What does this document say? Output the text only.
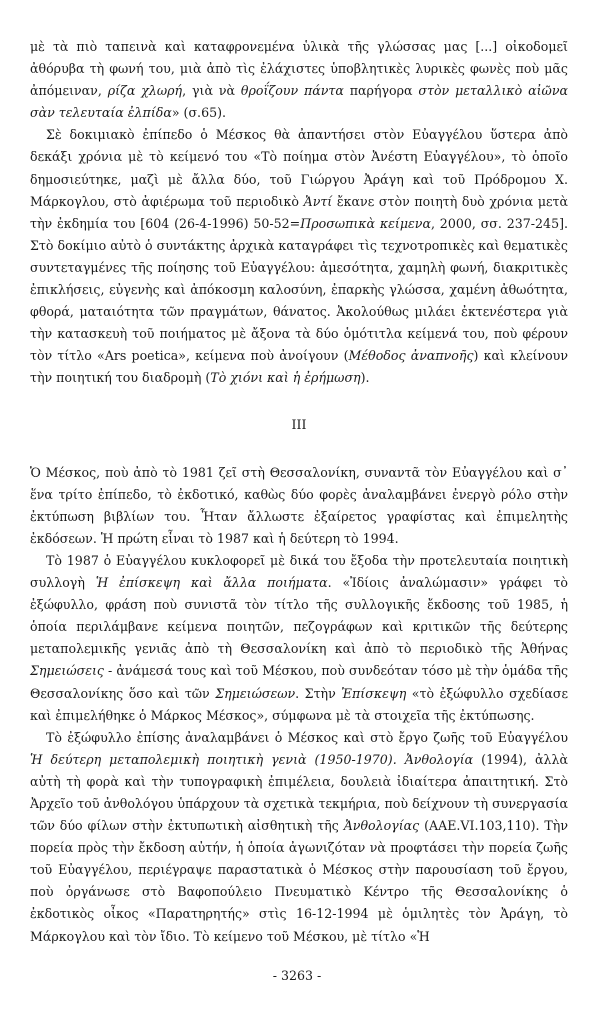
μὲ τὰ πιὸ ταπεινὰ καὶ καταφρονεμένα ὑλικὰ τῆς γλώσσας μας [...] οἰκοδομεῖ ἀθόρυβα τὴ φωνή του, μιὰ ἀπὸ τὶς ἐλάχιστες ὑποβλητικὲς λυρικὲς φωνὲς ποὺ μᾶς ἀπόμειναν, ρίζα χλωρή, γιὰ νὰ θροΐζουν πάντα παρήγορα στὸν μεταλλικὸ αἰῶνα σὰν τελευταία ἐλπίδα» (σ.65).

Σὲ δοκιμιακὸ ἐπίπεδο ὁ Μέσκος θὰ ἀπαντήσει στὸν Εὐαγγέλου ὕστερα ἀπὸ δεκάξι χρόνια μὲ τὸ κείμενό του «Τὸ ποίημα στὸν Ἀνέστη Εὐαγγέλου», τὸ ὁποῖο δημοσιεύτηκε, μαζὶ μὲ ἄλλα δύο, τοῦ Γιώργου Ἀράγη καὶ τοῦ Πρόδρομου Χ. Μάρκογλου, στὸ ἀφιέρωμα τοῦ περιοδικὸ Ἀντί ἔκανε στὸν ποιητὴ δυὸ χρόνια μετὰ τὴν ἐκδημία του [604 (26-4-1996) 50-52=Προσωπικὰ κείμενα, 2000, σσ. 237-245]. Στὸ δοκίμιο αὐτὸ ὁ συντάκτης ἀρχικὰ καταγράφει τὶς τεχνοτροπικὲς καὶ θεματικὲς συντεταγμένες τῆς ποίησης τοῦ Εὐαγγέλου: ἀμεσότητα, χαμηλὴ φωνή, διακριτικὲς ἐπικλήσεις, εὐγενὴς καὶ ἀπόκοσμη καλοσύνη, ἐπαρκὴς γλώσσα, χαμένη ἀθωότητα, φθορά, ματαιότητα τῶν πραγμάτων, θάνατος. Ἀκολούθως μιλάει ἐκτενέστερα γιὰ τὴν κατασκευὴ τοῦ ποιήματος μὲ ἄξονα τὰ δύο ὁμότιτλα κείμενά του, ποὺ φέρουν τὸν τίτλο «Ars poetica», κείμενα ποὺ ἀνοίγουν (Μέθοδος ἀναπνοῆς) καὶ κλείνουν τὴν ποιητική του διαδρομὴ (Τὸ χιόνι καὶ ἡ ἐρήμωση).

III

Ὁ Μέσκος, ποὺ ἀπὸ τὸ 1981 ζεῖ στὴ Θεσσαλονίκη, συναντᾶ τὸν Εὐαγγέλου καὶ σ᾿ ἕνα τρίτο ἐπίπεδο, τὸ ἐκδοτικό, καθὼς δύο φορὲς ἀναλαμβάνει ἐνεργὸ ρόλο στὴν ἐκτύπωση βιβλίων του. Ἦταν ἄλλωστε ἐξαίρετος γραφίστας καὶ ἐπιμελητὴς ἐκδόσεων. Ἡ πρώτη εἶναι τὸ 1987 καὶ ἡ δεύτερη τὸ 1994.

Τὸ 1987 ὁ Εὐαγγέλου κυκλοφορεῖ μὲ δικά του ἔξοδα τὴν προτελευταία ποιητικὴ συλλογὴ Ἡ ἐπίσκεψη καὶ ἄλλα ποιήματα. «Ἰδίοις ἀναλώμασιν» γράφει τὸ ἐξώφυλλο, φράση ποὺ συνιστᾶ τὸν τίτλο τῆς συλλογικῆς ἔκδοσης τοῦ 1985, ἡ ὁποία περιλάμβανε κείμενα ποιητῶν, πεζογράφων καὶ κριτικῶν τῆς δεύτερης μεταπολεμικῆς γενιᾶς ἀπὸ τὴ Θεσσαλονίκη καὶ ἀπὸ τὸ περιοδικὸ τῆς Ἀθήνας Σημειώσεις - ἀνάμεσά τους καὶ τοῦ Μέσκου, ποὺ συνδεόταν τόσο μὲ τὴν ὁμάδα τῆς Θεσσαλονίκης ὅσο καὶ τῶν Σημειώσεων. Στὴν Ἐπίσκεψη «τὸ ἐξώφυλλο σχεδίασε καὶ ἐπιμελήθηκε ὁ Μάρκος Μέσκος», σύμφωνα μὲ τὰ στοιχεῖα τῆς ἐκτύπωσης.

Τὸ ἐξώφυλλο ἐπίσης ἀναλαμβάνει ὁ Μέσκος καὶ στὸ ἔργο ζωῆς τοῦ Εὐαγγέλου Ἡ δεύτερη μεταπολεμικὴ ποιητικὴ γενιὰ (1950-1970). Ἀνθολογία (1994), ἀλλὰ αὐτὴ τὴ φορὰ καὶ τὴν τυπογραφικὴ ἐπιμέλεια, δουλειὰ ἰδιαίτερα ἀπαιτητική. Στὸ Ἀρχεῖο τοῦ ἀνθολόγου ὑπάρχουν τὰ σχετικὰ τεκμήρια, ποὺ δείχνουν τὴ συνεργασία τῶν δύο φίλων στὴν ἐκτυπωτικὴ αἰσθητικὴ τῆς Ἀνθολογίας (ΑΑΕ.VI.103,110). Τὴν πορεία πρὸς τὴν ἔκδοση αὐτήν, ἡ ὁποία ἀγωνιζόταν νὰ προφτάσει τὴν πορεία ζωῆς τοῦ Εὐαγγέλου, περιέγραψε παραστατικὰ ὁ Μέσκος στὴν παρουσίαση τοῦ ἔργου, ποὺ ὀργάνωσε στὸ Βαφοπούλειο Πνευματικὸ Κέντρο τῆς Θεσσαλονίκης ὁ ἐκδοτικὸς οἶκος «Παρατηρητής» στὶς 16-12-1994 μὲ ὁμιλητὲς τὸν Ἀράγη, τὸ Μάρκογλου καὶ τὸν ἴδιο. Τὸ κείμενο τοῦ Μέσκου, μὲ τίτλο «Ἡ

- 3263 -
